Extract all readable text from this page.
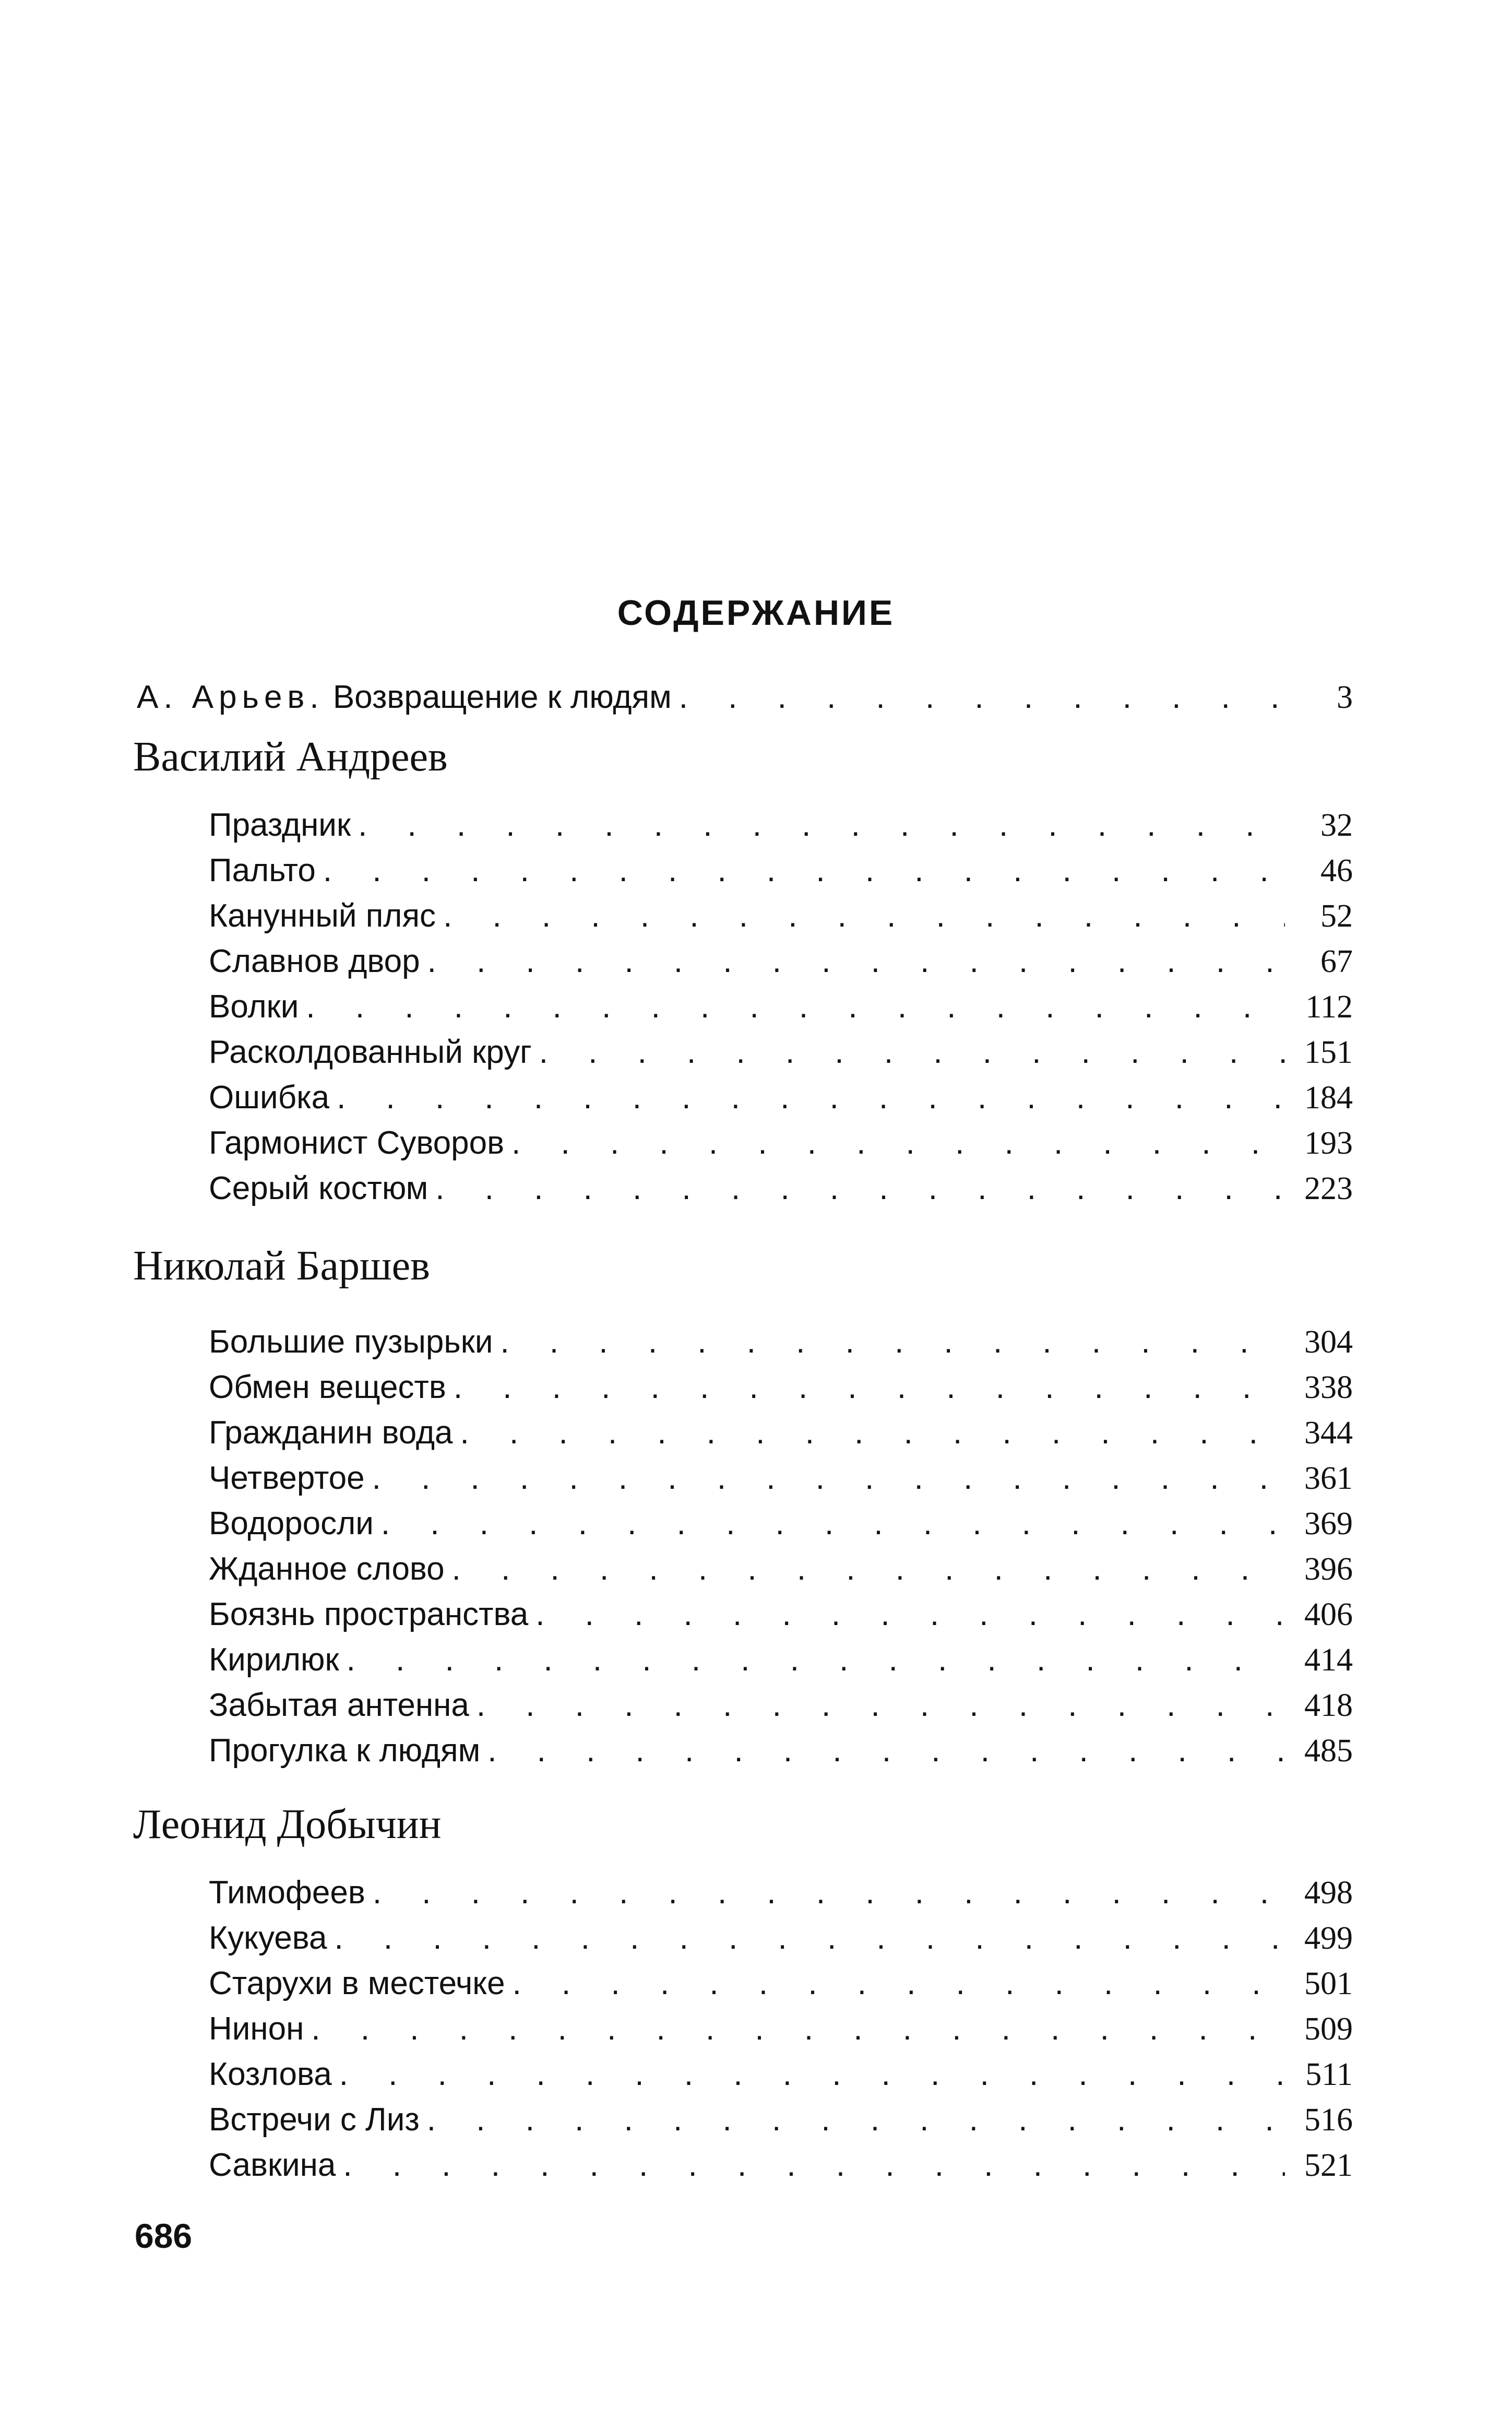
СОДЕРЖАНИЕ
А. Арьев. Возвращение к людям . . .	3
Василий Андреев
Праздник . . .	32
Пальто . . .	46
Канунный пляс . . .	52
Славнов двор . . .	67
Волки . . .	112
Расколдованный круг . . .	151
Ошибка . . .	184
Гармонист Суворов . . .	193
Серый костюм . . .	223
Николай Баршев
Большие пузырьки . . .	304
Обмен веществ . . .	338
Гражданин вода . . .	344
Четвертое . . .	361
Водоросли . . .	369
Жданное слово . . .	396
Боязнь пространства . . .	406
Кирилюк . . .	414
Забытая антенна . . .	418
Прогулка к людям . . .	485
Леонид Добычин
Тимофеев . . .	498
Кукуева . . .	499
Старухи в местечке . . .	501
Нинон . . .	509
Козлова . . .	511
Встречи с Лиз . . .	516
Савкина . . .	521
686
